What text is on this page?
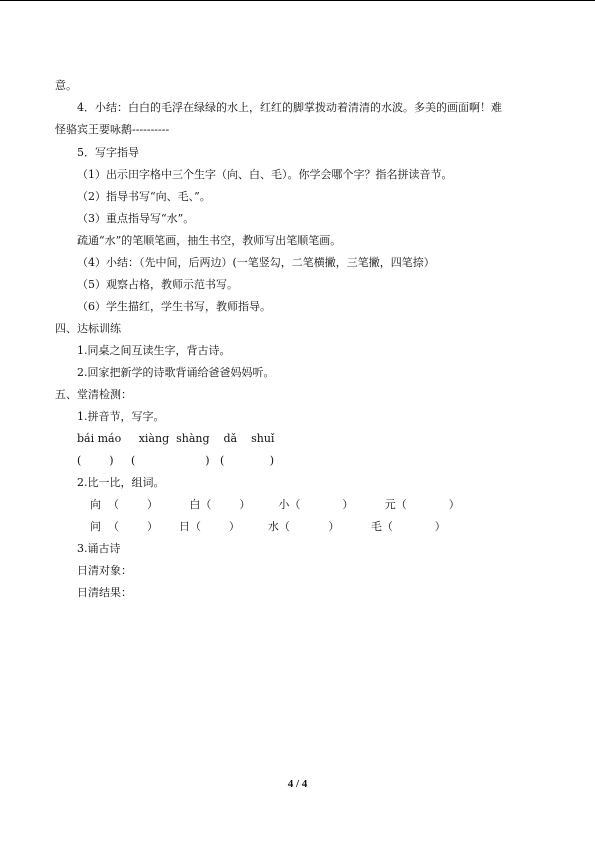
意。
4．小结：白白的毛浮在绿绿的水上，红红的脚掌拨动着清清的水波。多美的画面啊！难
怪骆宾王要咏鹅----------
5．写字指导
（1）出示田字格中三个生字（向、白、毛）。你学会哪个字？指名拼读音节。
（2）指导书写“向、毛、”。
（3）重点指导写“水”。
疏通“水”的笔顺笔画，抽生书空，教师写出笔顺笔画。
（4）小结：（先中间，后两边）(一笔竖勾，二笔横撇，三笔撇，四笔捺）
（5）观察占格，教师示范书写。
（6）学生描红，学生书写，教师指导。
四、达标训练
1.同桌之间互读生字，背古诗。
2.回家把新学的诗歌背诵给爸爸妈妈听。
五、堂清检测：
1.拼音节，写字。
bái máo     xiàng  shàng    dǎ    shuǐ
(        )     (                    )   (             )
2.比一比，组词。
向  （        ）         白（        ）        小（            ）         元（            ）
问  （        ）      日（        ）        水（           ）         毛（            ）
3.诵古诗
日清对象：
日清结果：
4 / 4
